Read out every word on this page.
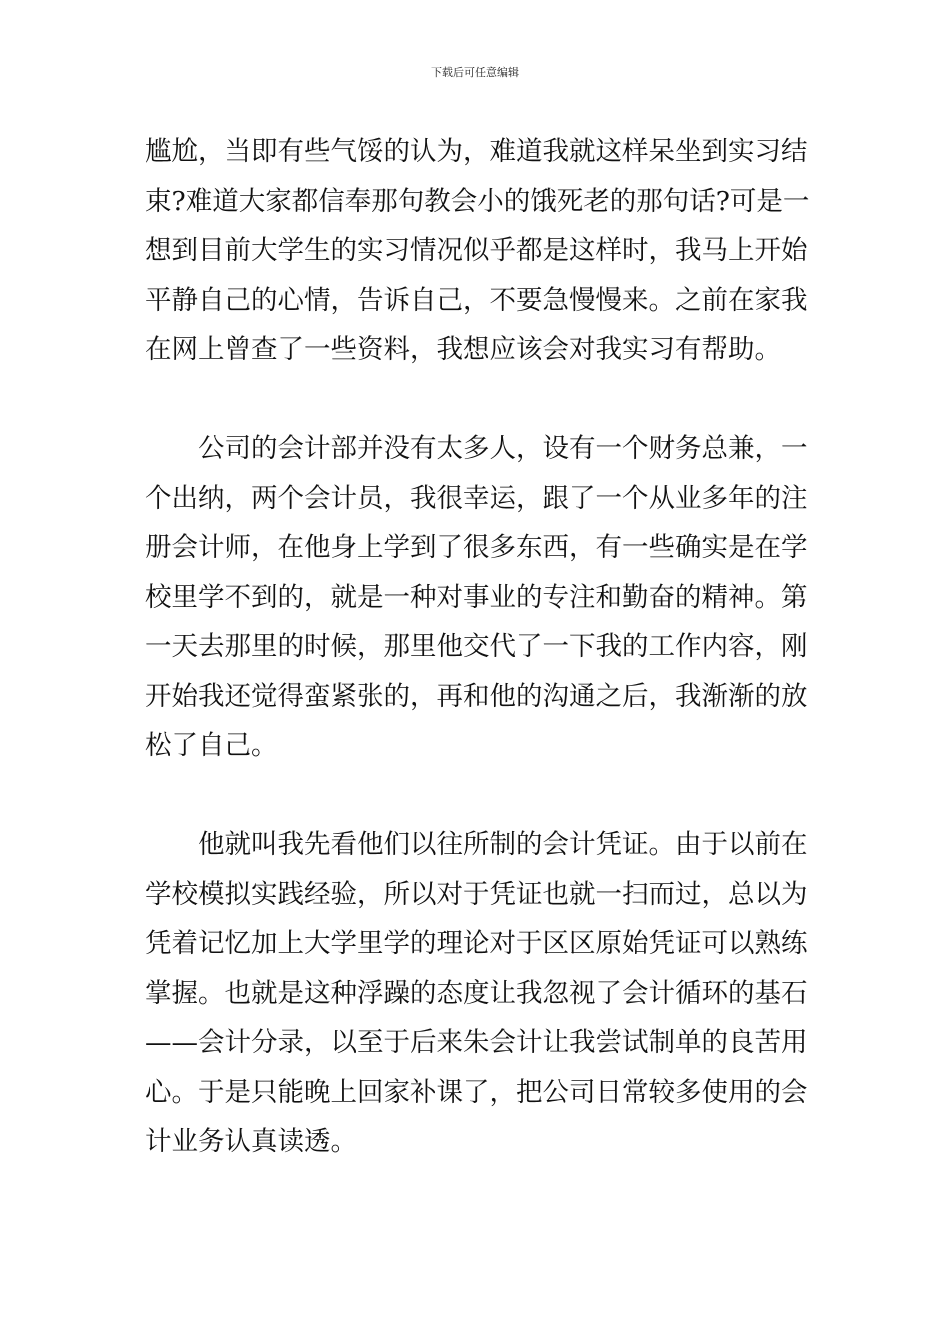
下载后可任意编辑
尴尬，当即有些气馁的认为，难道我就这样呆坐到实习结
束?难道大家都信奉那句教会小的饿死老的那句话?可是一
想到目前大学生的实习情况似乎都是这样时，我马上开始
平静自己的心情，告诉自己，不要急慢慢来。之前在家我
在网上曾查了一些资料，我想应该会对我实习有帮助。
公司的会计部并没有太多人，设有一个财务总兼，一
个出纳，两个会计员，我很幸运，跟了一个从业多年的注
册会计师，在他身上学到了很多东西，有一些确实是在学
校里学不到的，就是一种对事业的专注和勤奋的精神。第
一天去那里的时候，那里他交代了一下我的工作内容，刚
开始我还觉得蛮紧张的，再和他的沟通之后，我渐渐的放
松了自己。
他就叫我先看他们以往所制的会计凭证。由于以前在
学校模拟实践经验，所以对于凭证也就一扫而过，总以为
凭着记忆加上大学里学的理论对于区区原始凭证可以熟练
掌握。也就是这种浮躁的态度让我忽视了会计循环的基石
——会计分录，以至于后来朱会计让我尝试制单的良苦用
心。于是只能晚上回家补课了，把公司日常较多使用的会
计业务认真读透。
